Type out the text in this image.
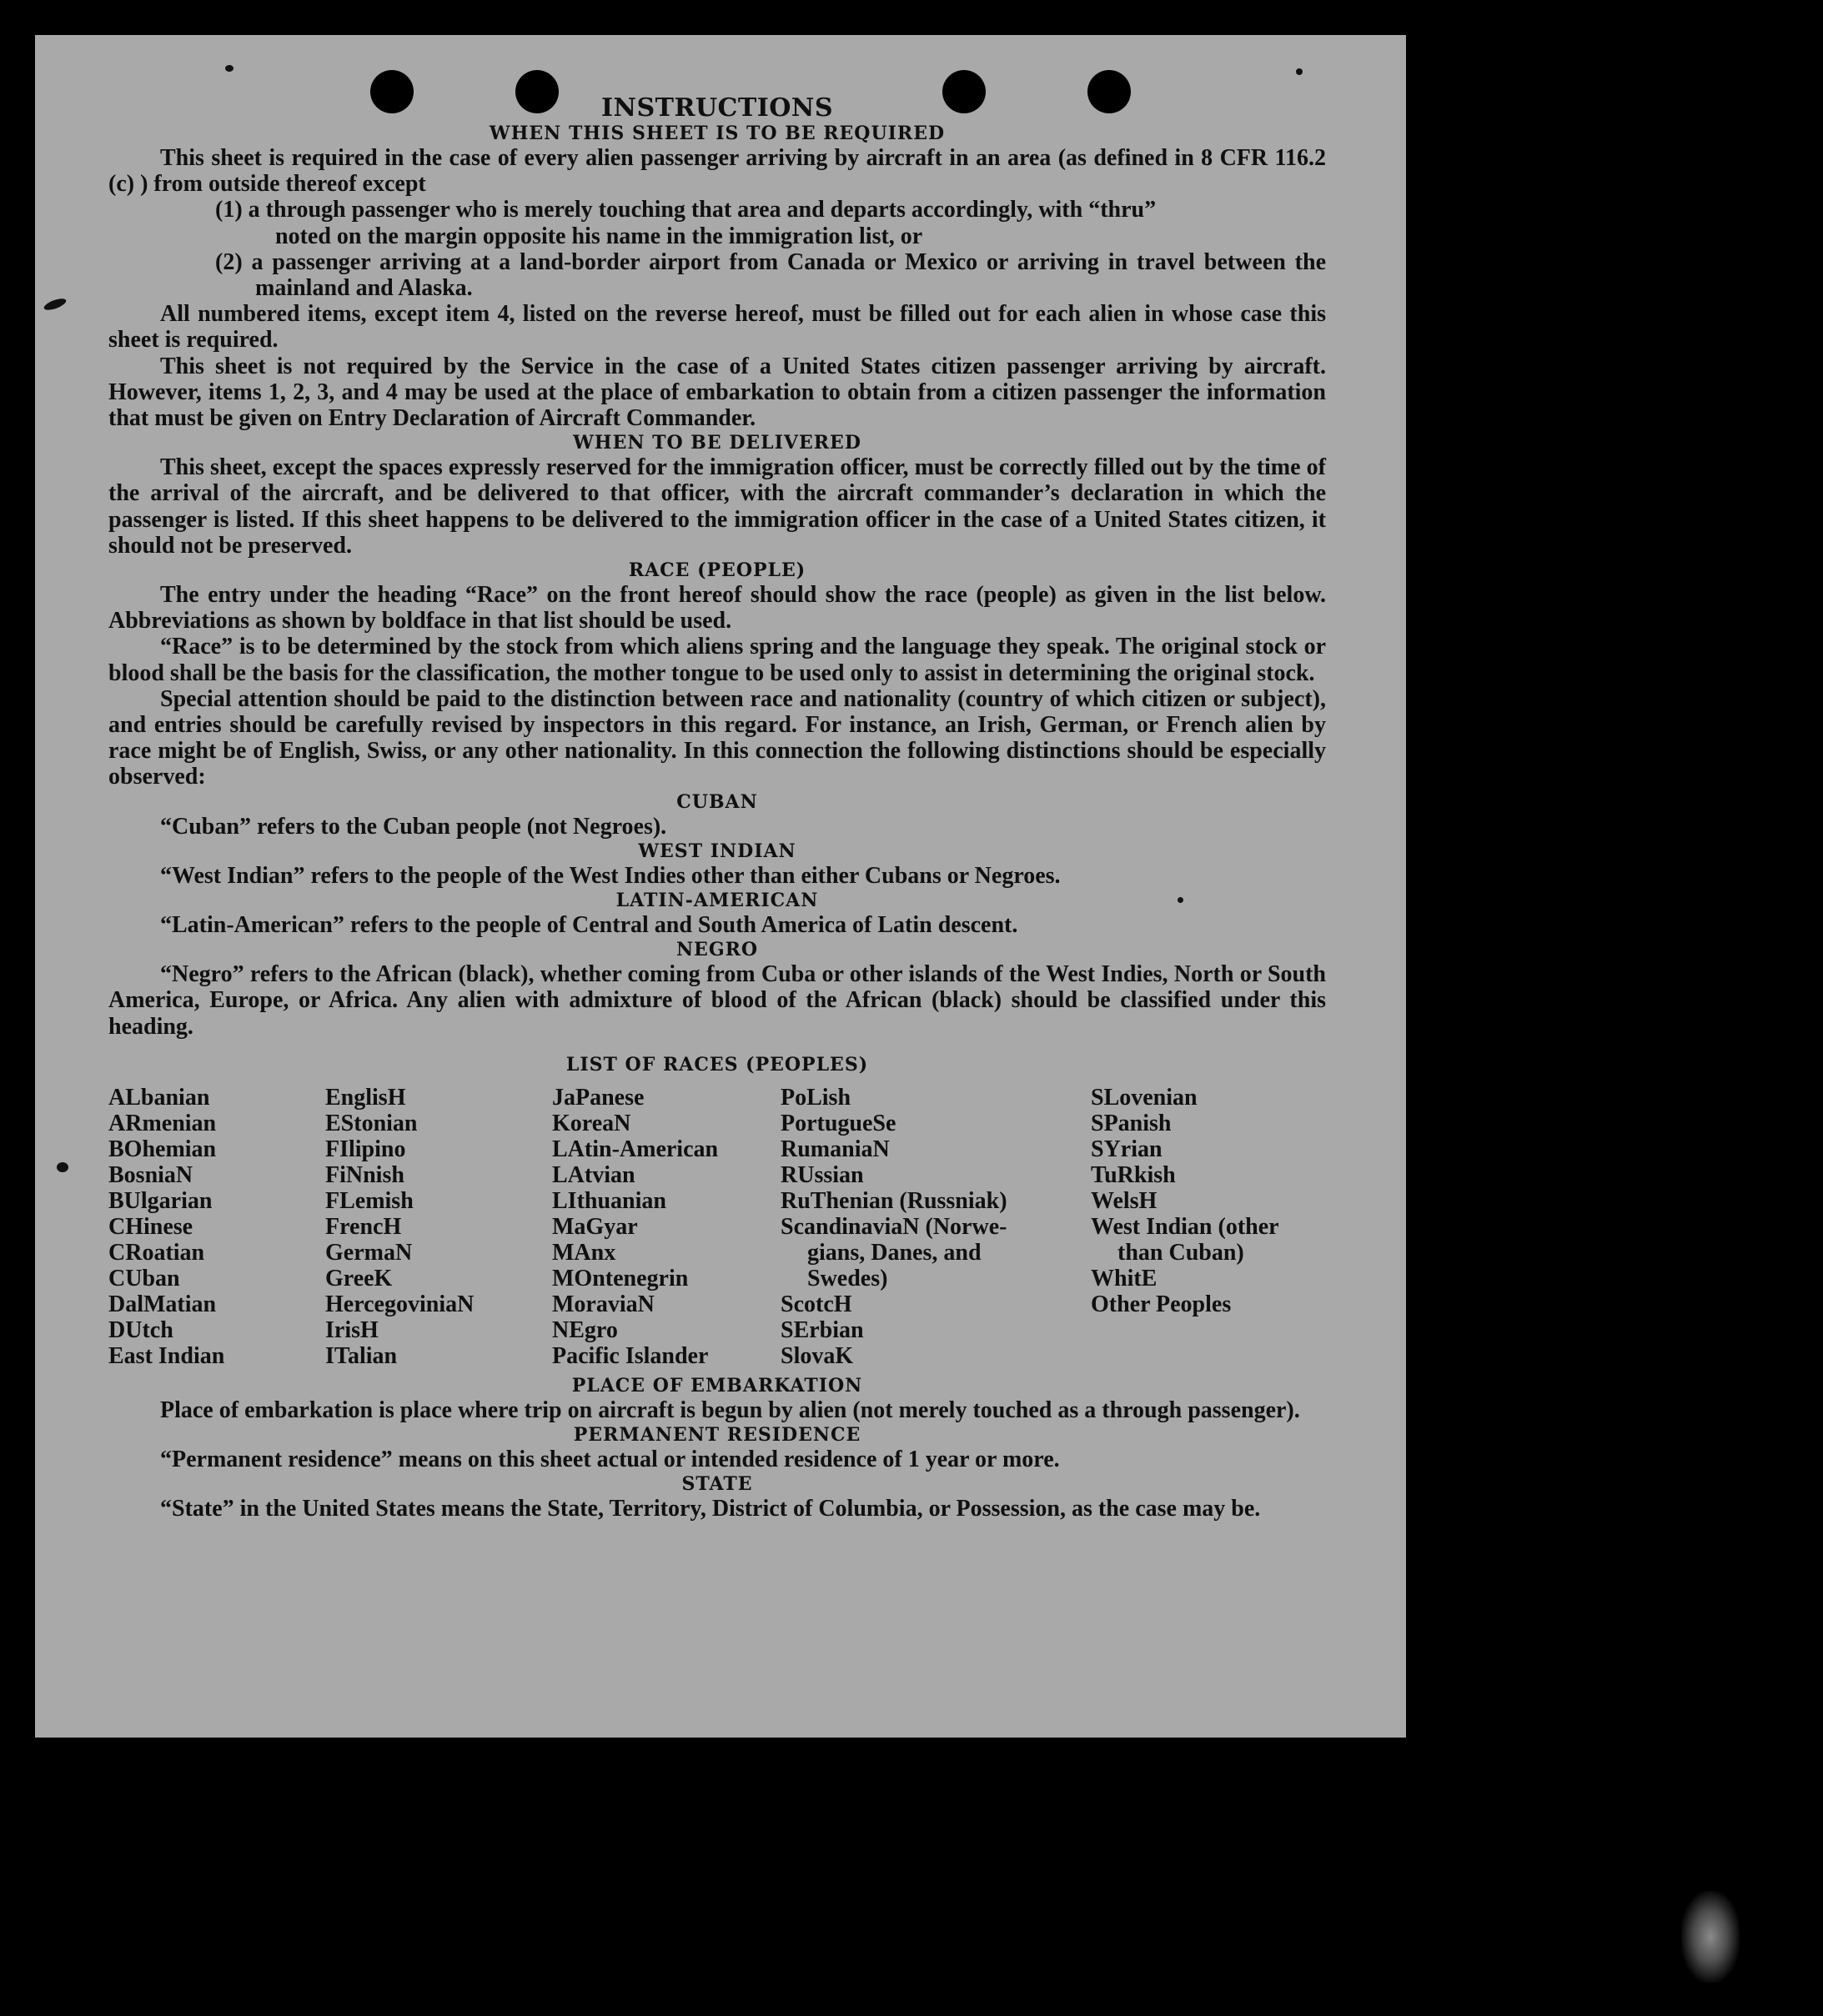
INSTRUCTIONS

WHEN THIS SHEET IS TO BE REQUIRED

This sheet is required in the case of every alien passenger arriving by aircraft in an area (as defined in 8 CFR 116.2 (c) ) from outside thereof except

(1) a through passenger who is merely touching that area and departs accordingly, with “thru”

noted on the margin opposite his name in the immigration list, or

(2) a passenger arriving at a land-border airport from Canada or Mexico or arriving in travel between the mainland and Alaska.

All numbered items, except item 4, listed on the reverse hereof, must be filled out for each alien in whose case this sheet is required.

This sheet is not required by the Service in the case of a United States citizen passenger arriving by aircraft. However, items 1, 2, 3, and 4 may be used at the place of embarkation to obtain from a citizen passenger the information that must be given on Entry Declaration of Aircraft Commander.

WHEN TO BE DELIVERED

This sheet, except the spaces expressly reserved for the immigration officer, must be correctly filled out by the time of the arrival of the aircraft, and be delivered to that officer, with the aircraft commander’s declaration in which the passenger is listed. If this sheet happens to be delivered to the immigration officer in the case of a United States citizen, it should not be preserved.

RACE (PEOPLE)

The entry under the heading “Race” on the front hereof should show the race (people) as given in the list below. Abbreviations as shown by boldface in that list should be used.

“Race” is to be determined by the stock from which aliens spring and the language they speak. The original stock or blood shall be the basis for the classification, the mother tongue to be used only to assist in determining the original stock.

Special attention should be paid to the distinction between race and nationality (country of which citizen or subject), and entries should be carefully revised by inspectors in this regard. For instance, an Irish, German, or French alien by race might be of English, Swiss, or any other nationality. In this connection the following distinctions should be especially observed:

CUBAN

“Cuban” refers to the Cuban people (not Negroes).

WEST INDIAN

“West Indian” refers to the people of the West Indies other than either Cubans or Negroes.

LATIN-AMERICAN

“Latin-American” refers to the people of Central and South America of Latin descent.

NEGRO

“Negro” refers to the African (black), whether coming from Cuba or other islands of the West Indies, North or South America, Europe, or Africa. Any alien with admixture of blood of the African (black) should be classified under this heading.

LIST OF RACES (PEOPLES)

ALbanian
ARmenian
BOhemian
BosniaN
BUlgarian
CHinese
CRoatian
CUban
DalMatian
DUtch
East Indian
EnglisH
EStonian
FIlipino
FiNnish
FLemish
FrencH
GermaN
GreeK
HercegoviniaN
IrisH
ITalian
JaPanese
KoreaN
LAtin-American
LAtvian
LIthuanian
MaGyar
MAnx
MOntenegrin
MoraviaN
NEgro
Pacific Islander
PoLish
PortugueSe
RumaniaN
RUssian
RuThenian (Russniak)
ScandinaviaN (Norwe-
gians, Danes, and
Swedes)
ScotcH
SErbian
SlovaK
SLovenian
SPanish
SYrian
TuRkish
WelsH
West Indian (other
than Cuban)
WhitE
Other Peoples

PLACE OF EMBARKATION

Place of embarkation is place where trip on aircraft is begun by alien (not merely touched as a through passenger).

PERMANENT RESIDENCE

“Permanent residence” means on this sheet actual or intended residence of 1 year or more.

STATE

“State” in the United States means the State, Territory, District of Columbia, or Possession, as the case may be.
